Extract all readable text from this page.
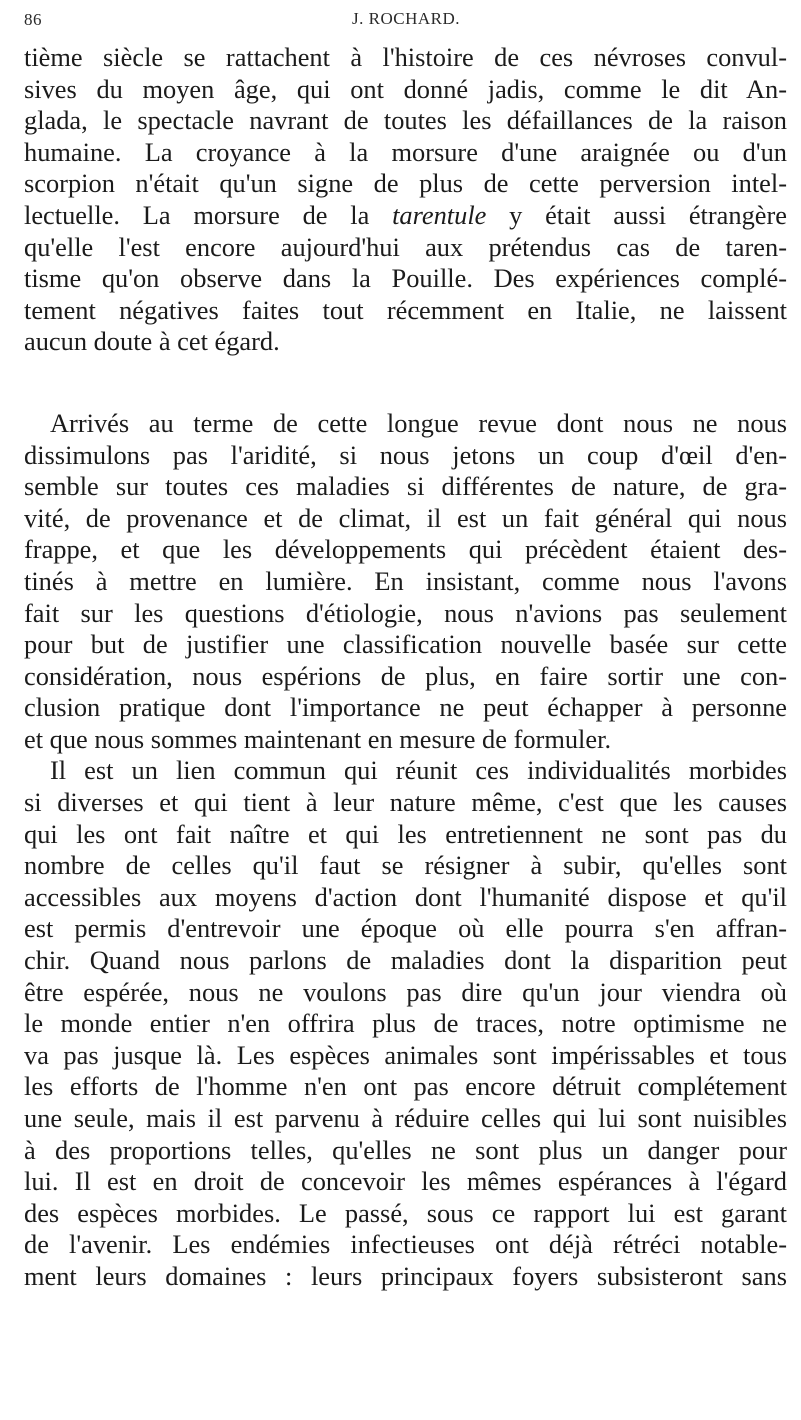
86	J. ROCHARD.

tième siècle se rattachent à l'histoire de ces névroses convul-
sives du moyen âge, qui ont donné jadis, comme le dit An-
glada, le spectacle navrant de toutes les défaillances de la raison
humaine. La croyance à la morsure d'une araignée ou d'un
scorpion n'était qu'un signe de plus de cette perversion intel-
lectuelle. La morsure de la tarentule y était aussi étrangère
qu'elle l'est encore aujourd'hui aux prétendus cas de taren-
tisme qu'on observe dans la Pouille. Des expériences complé-
tement négatives faites tout récemment en Italie, ne laissent
aucun doute à cet égard.

Arrivés au terme de cette longue revue dont nous ne nous
dissimulons pas l'aridité, si nous jetons un coup d'œil d'en-
semble sur toutes ces maladies si différentes de nature, de gra-
vité, de provenance et de climat, il est un fait général qui nous
frappe, et que les développements qui précèdent étaient des-
tinés à mettre en lumière. En insistant, comme nous l'avons
fait sur les questions d'étiologie, nous n'avions pas seulement
pour but de justifier une classification nouvelle basée sur cette
considération, nous espérions de plus, en faire sortir une con-
clusion pratique dont l'importance ne peut échapper à personne
et que nous sommes maintenant en mesure de formuler.

Il est un lien commun qui réunit ces individualités morbides
si diverses et qui tient à leur nature même, c'est que les causes
qui les ont fait naître et qui les entretiennent ne sont pas du
nombre de celles qu'il faut se résigner à subir, qu'elles sont
accessibles aux moyens d'action dont l'humanité dispose et qu'il
est permis d'entrevoir une époque où elle pourra s'en affran-
chir. Quand nous parlons de maladies dont la disparition peut
être espérée, nous ne voulons pas dire qu'un jour viendra où
le monde entier n'en offrira plus de traces, notre optimisme ne
va pas jusque là. Les espèces animales sont impérissables et tous
les efforts de l'homme n'en ont pas encore détruit complétement
une seule, mais il est parvenu à réduire celles qui lui sont nuisibles
à des proportions telles, qu'elles ne sont plus un danger pour
lui. Il est en droit de concevoir les mêmes espérances à l'égard
des espèces morbides. Le passé, sous ce rapport lui est garant
de l'avenir. Les endémies infectieuses ont déjà rétréci notable-
ment leurs domaines : leurs principaux foyers subsisteront sans
